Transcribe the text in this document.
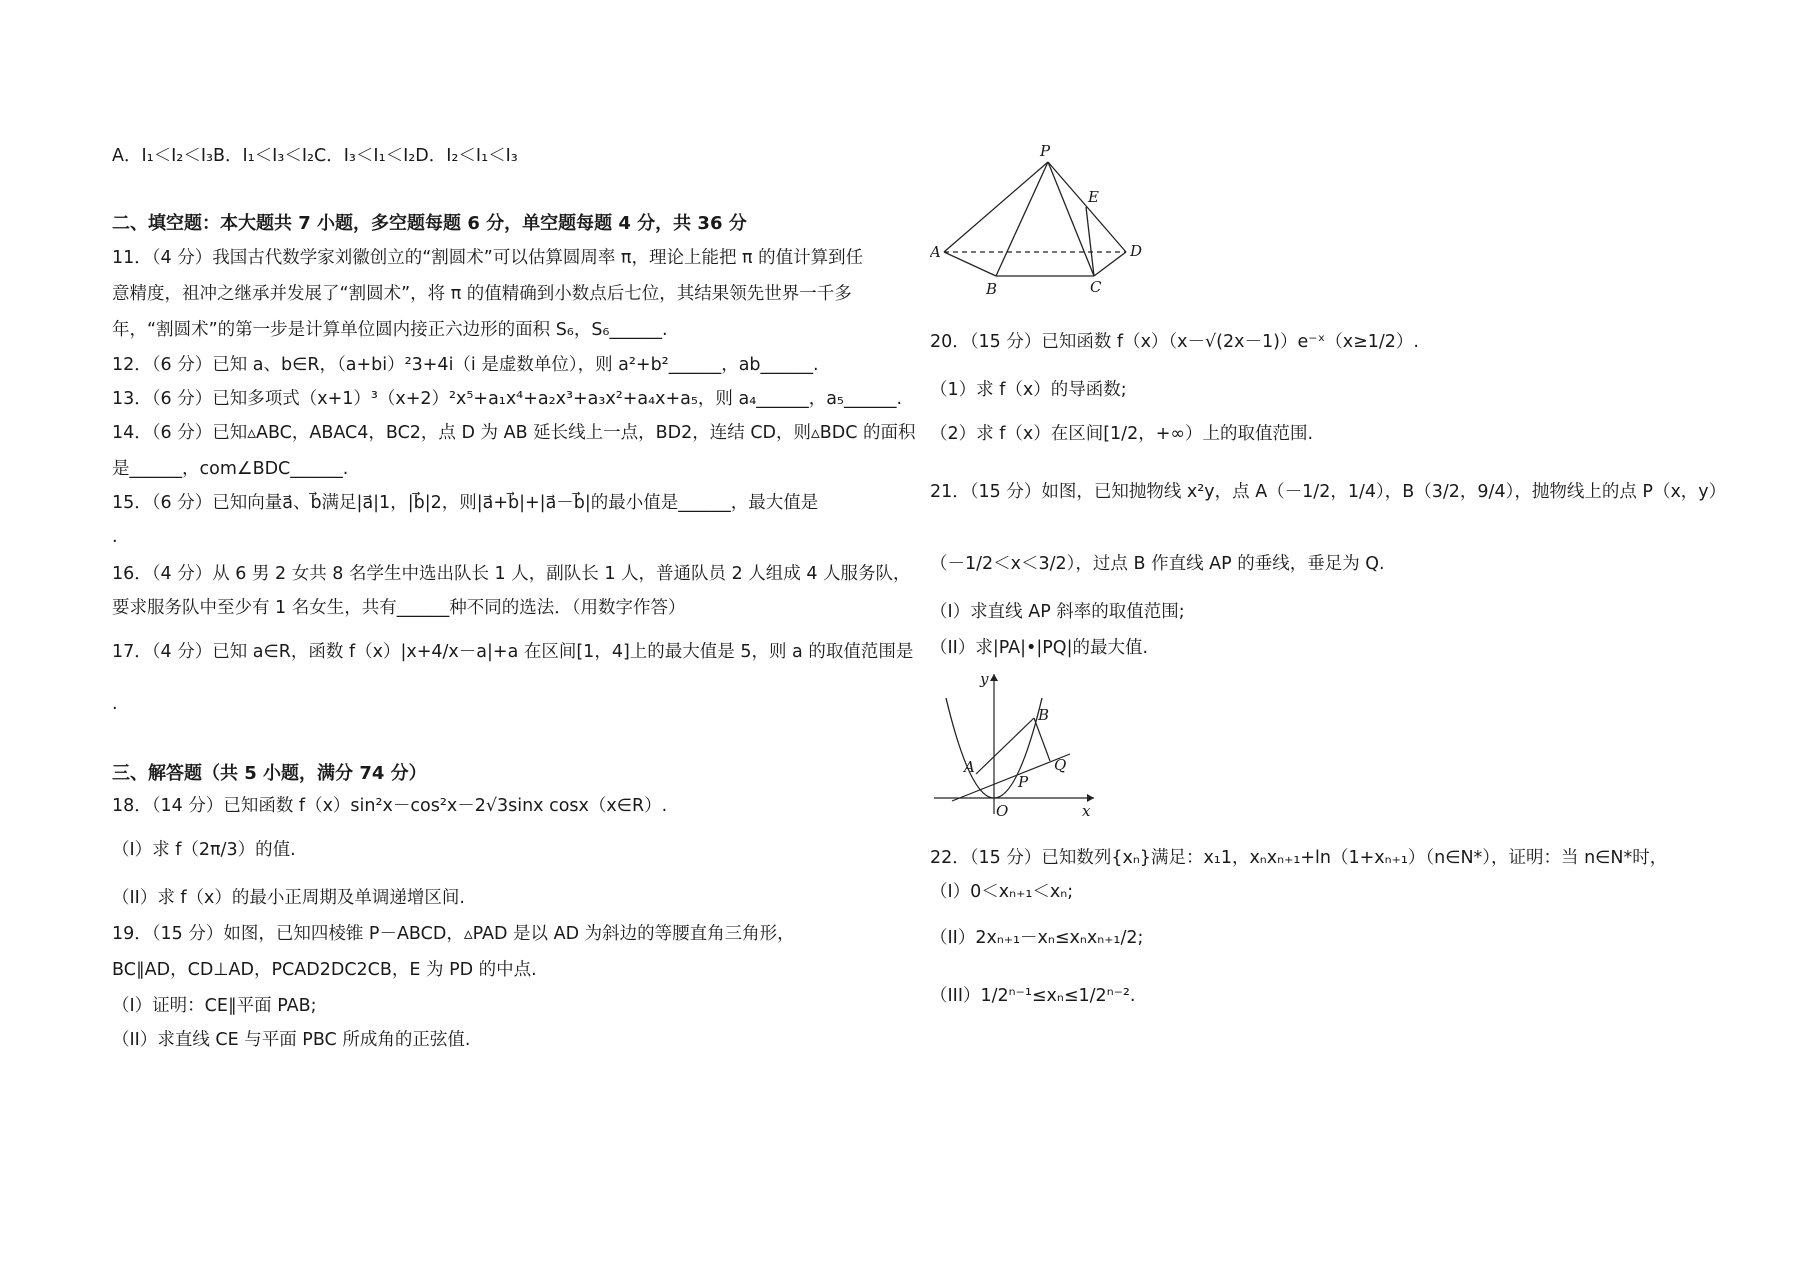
A．I₁＜I₂＜I₃B．I₁＜I₃＜I₂C．I₃＜I₁＜I₂D．I₂＜I₁＜I₃
二、填空题：本大题共 7 小题，多空题每题 6 分，单空题每题 4 分，共 36 分
11．（4 分）我国古代数学家刘徽创立的“割圆术”可以估算圆周率 π，理论上能把 π 的值计算到任
意精度，祖冲之继承并发展了“割圆术”，将 π 的值精确到小数点后七位，其结果领先世界一千多
年，“割圆术”的第一步是计算单位圆内接正六边形的面积 S₆，S₆______.
12．（6 分）已知 a、b∈R，（a+bi）²3+4i（i 是虚数单位），则 a²+b²______，ab______.
13．（6 分）已知多项式（x+1）³（x+2）²x⁵+a₁x⁴+a₂x³+a₃x²+a₄x+a₅，则 a₄______，a₅______.
14．（6 分）已知▵ABC，ABAC4，BC2，点 D 为 AB 延长线上一点，BD2，连结 CD，则▵BDC 的面积
是______，com∠BDC______.
15．（6 分）已知向量a⃗、b⃗满足|a⃗|1，|b⃗|2，则|a⃗+b⃗|+|a⃗－b⃗|的最小值是______，最大值是
.
16．（4 分）从 6 男 2 女共 8 名学生中选出队长 1 人，副队长 1 人，普通队员 2 人组成 4 人服务队，
要求服务队中至少有 1 名女生，共有______种不同的选法．（用数字作答）
17．（4 分）已知 a∈R，函数 f（x）|x+4/x－a|+a 在区间[1，4]上的最大值是 5，则 a 的取值范围是
.
三、解答题（共 5 小题，满分 74 分）
18．（14 分）已知函数 f（x）sin²x－cos²x－2√3sinx cosx（x∈R）.
（I）求 f（2π/3）的值.
（II）求 f（x）的最小正周期及单调递增区间.
19．（15 分）如图，已知四棱锥 P－ABCD，▵PAD 是以 AD 为斜边的等腰直角三角形，
BC∥AD，CD⊥AD，PCAD2DC2CB，E 为 PD 的中点.
（I）证明：CE∥平面 PAB;
（II）求直线 CE 与平面 PBC 所成角的正弦值.
P
E
A	D
B	C
20．（15 分）已知函数 f（x）（x－√(2x－1)）e⁻ˣ（x≥1/2）.
（1）求 f（x）的导函数;
（2）求 f（x）在区间[1/2，+∞）上的取值范围.
21．（15 分）如图，已知抛物线 x²y，点 A（－1/2，1/4），B（3/2，9/4），抛物线上的点 P（x，y）
（－1/2＜x＜3/2），过点 B 作直线 AP 的垂线，垂足为 Q.
（I）求直线 AP 斜率的取值范围;
（II）求|PA|•|PQ|的最大值.
y
B
A
P
Q
O	x
22．（15 分）已知数列{xₙ}满足：x₁1，xₙxₙ₊₁+ln（1+xₙ₊₁）（n∈N*），证明：当 n∈N*时，
（I）0＜xₙ₊₁＜xₙ;
（II）2xₙ₊₁－xₙ≤xₙxₙ₊₁/2;
（III）1/2ⁿ⁻¹≤xₙ≤1/2ⁿ⁻².
